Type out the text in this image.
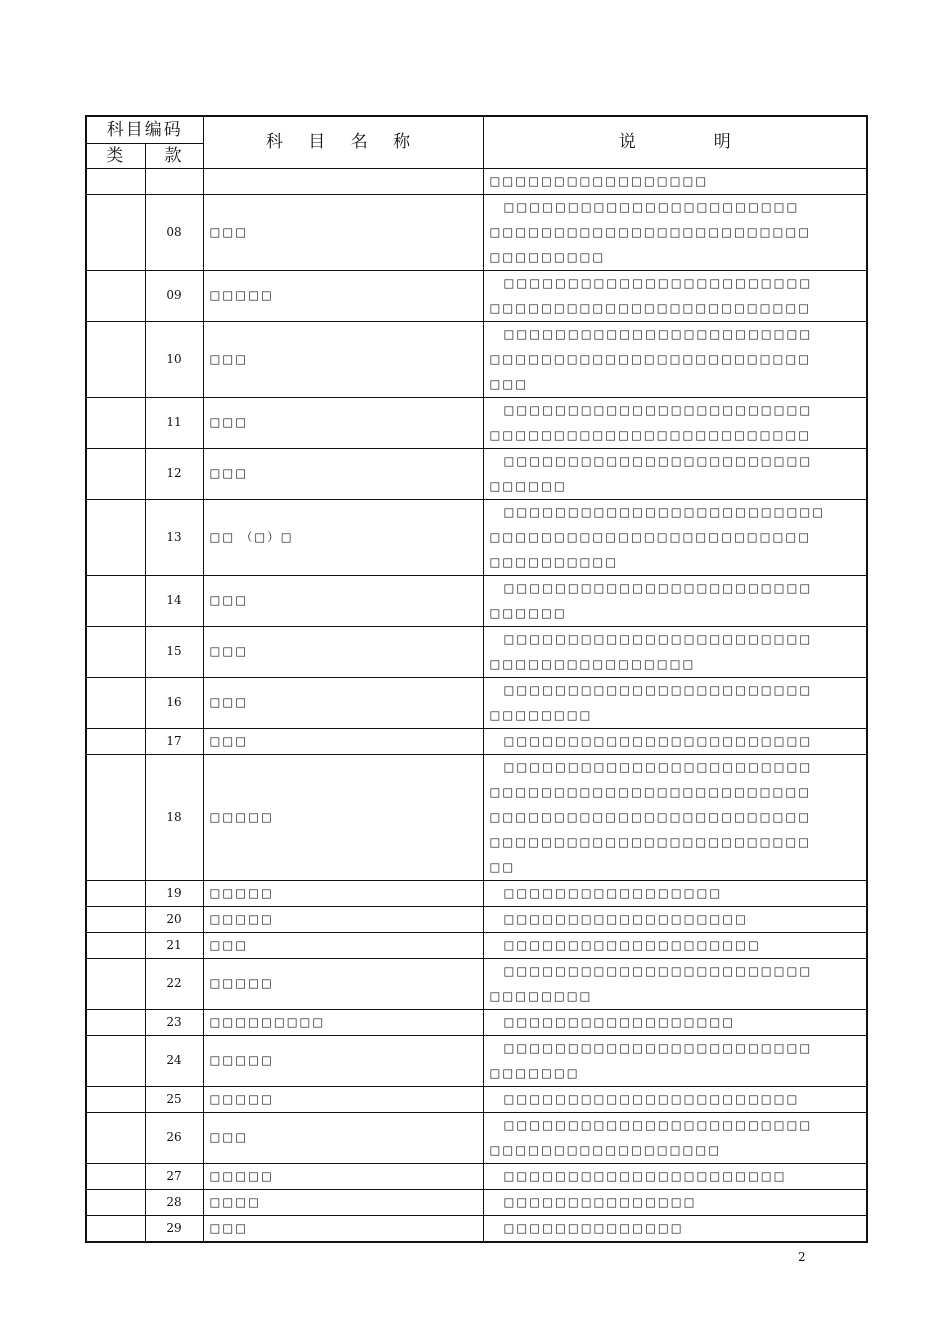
科目编码		科 目 名 称	说 明
类	款		

			□□□□□□□□□□□□□□□□□

	08	□□□	□□□□□□□□□□□□□□□□□□□□□□□
□□□□□□□□□□□□□□□□□□□□□□□□□
□□□□□□□□□

	09	□□□□□	□□□□□□□□□□□□□□□□□□□□□□□□
□□□□□□□□□□□□□□□□□□□□□□□□□

	10	□□□	□□□□□□□□□□□□□□□□□□□□□□□□
□□□□□□□□□□□□□□□□□□□□□□□□□
□□□

	11	□□□	□□□□□□□□□□□□□□□□□□□□□□□□
□□□□□□□□□□□□□□□□□□□□□□□□□

	12	□□□	□□□□□□□□□□□□□□□□□□□□□□□□
□□□□□□

	13	□□ （□）□	□□□□□□□□□□□□□□□□□□□□□□□□□
□□□□□□□□□□□□□□□□□□□□□□□□□
□□□□□□□□□□

	14	□□□	□□□□□□□□□□□□□□□□□□□□□□□□
□□□□□□

	15	□□□	□□□□□□□□□□□□□□□□□□□□□□□□
□□□□□□□□□□□□□□□□

	16	□□□	□□□□□□□□□□□□□□□□□□□□□□□□
□□□□□□□□

	17	□□□	□□□□□□□□□□□□□□□□□□□□□□□□

	18	□□□□□	□□□□□□□□□□□□□□□□□□□□□□□□
□□□□□□□□□□□□□□□□□□□□□□□□□
□□□□□□□□□□□□□□□□□□□□□□□□□
□□□□□□□□□□□□□□□□□□□□□□□□□
□□

	19	□□□□□	□□□□□□□□□□□□□□□□□

	20	□□□□□	□□□□□□□□□□□□□□□□□□□

	21	□□□	□□□□□□□□□□□□□□□□□□□□

	22	□□□□□	□□□□□□□□□□□□□□□□□□□□□□□□
□□□□□□□□

	23	□□□□□□□□□	□□□□□□□□□□□□□□□□□□

	24	□□□□□	□□□□□□□□□□□□□□□□□□□□□□□□
□□□□□□□

	25	□□□□□	□□□□□□□□□□□□□□□□□□□□□□□

	26	□□□	□□□□□□□□□□□□□□□□□□□□□□□□
□□□□□□□□□□□□□□□□□□

	27	□□□□□	□□□□□□□□□□□□□□□□□□□□□□

	28	□□□□	□□□□□□□□□□□□□□□

	29	□□□	□□□□□□□□□□□□□□
2
